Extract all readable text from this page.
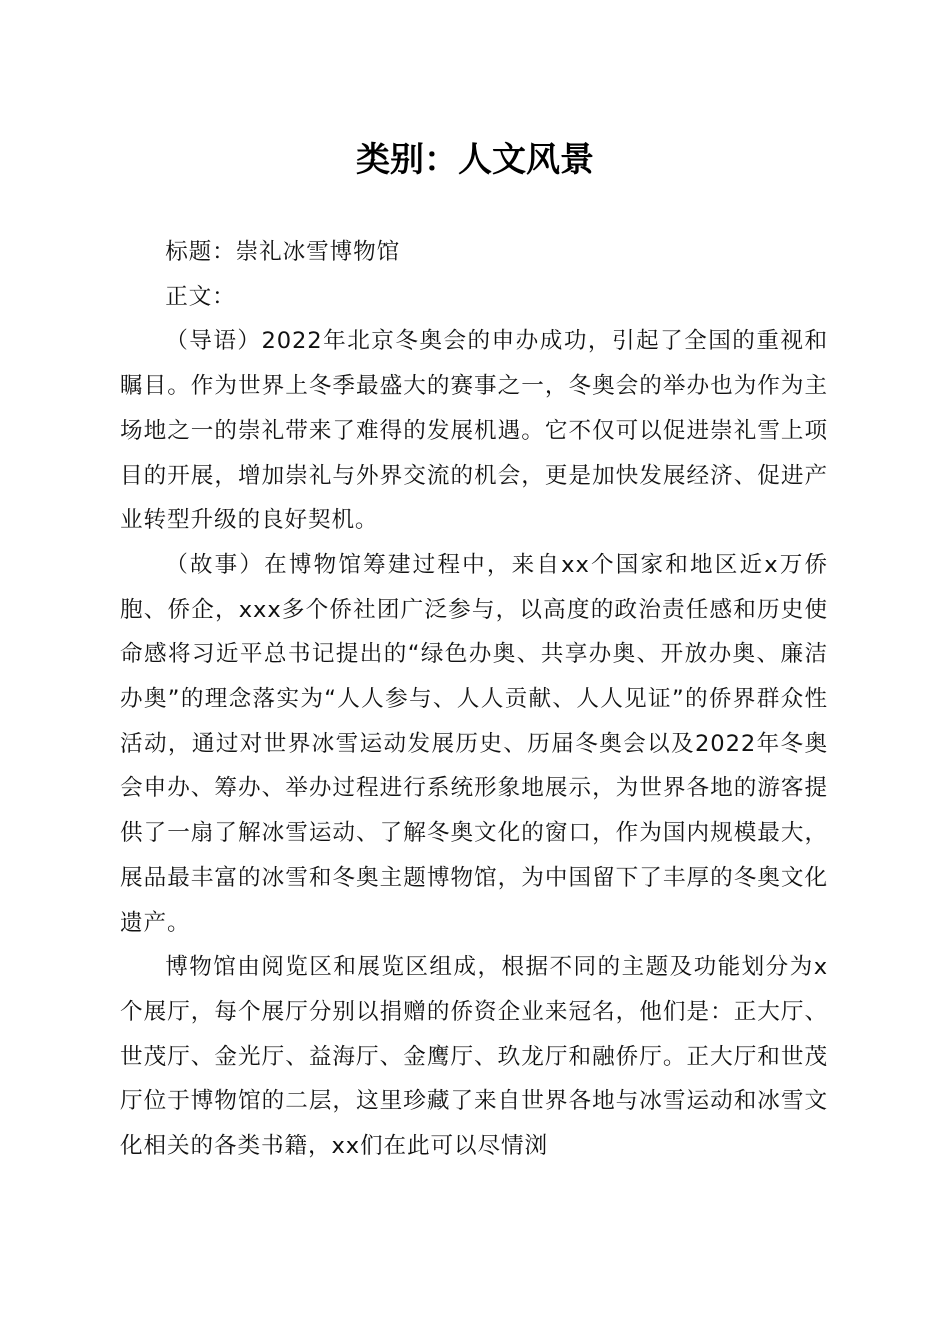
类别：人文风景

标题：崇礼冰雪博物馆

正文：

（导语）2022年北京冬奥会的申办成功，引起了全国的重视和瞩目。作为世界上冬季最盛大的赛事之一，冬奥会的举办也为作为主场地之一的崇礼带来了难得的发展机遇。它不仅可以促进崇礼雪上项目的开展，增加崇礼与外界交流的机会，更是加快发展经济、促进产业转型升级的良好契机。

（故事）在博物馆筹建过程中，来自xx个国家和地区近x万侨胞、侨企，xxx多个侨社团广泛参与，以高度的政治责任感和历史使命感将习近平总书记提出的“绿色办奥、共享办奥、开放办奥、廉洁办奥”的理念落实为“人人参与、人人贡献、人人见证”的侨界群众性活动，通过对世界冰雪运动发展历史、历届冬奥会以及2022年冬奥会申办、筹办、举办过程进行系统形象地展示，为世界各地的游客提供了一扇了解冰雪运动、了解冬奥文化的窗口，作为国内规模最大，展品最丰富的冰雪和冬奥主题博物馆，为中国留下了丰厚的冬奥文化遗产。

博物馆由阅览区和展览区组成，根据不同的主题及功能划分为x个展厅，每个展厅分别以捐赠的侨资企业来冠名，他们是：正大厅、世茂厅、金光厅、益海厅、金鹰厅、玖龙厅和融侨厅。正大厅和世茂厅位于博物馆的二层，这里珍藏了来自世界各地与冰雪运动和冰雪文化相关的各类书籍，xx们在此可以尽情浏
